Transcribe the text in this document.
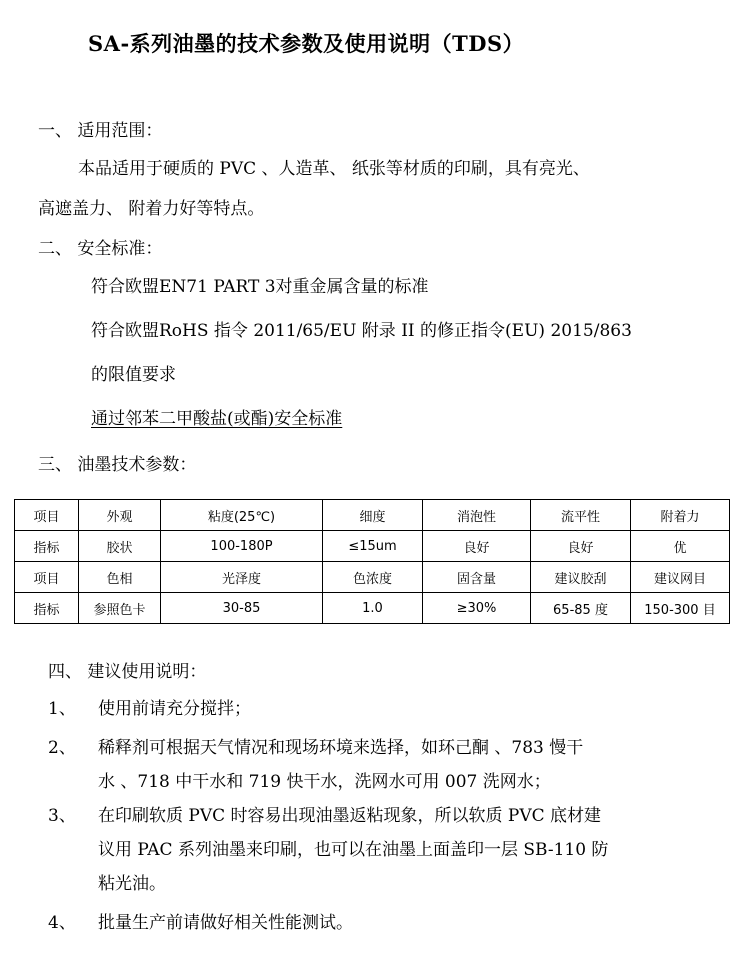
SA-系列油墨的技术参数及使用说明（TDS）
一、 适用范围：
本品适用于硬质的 PVC 、人造革、 纸张等材质的印刷，具有亮光、
高遮盖力、 附着力好等特点。
二、 安全标准：
符合欧盟EN71 PART 3对重金属含量的标准
符合欧盟RoHS 指令 2011/65/EU 附录 II 的修正指令(EU) 2015/863
的限值要求
通过邻苯二甲酸盐(或酯)安全标准
三、 油墨技术参数：
项目	外观	粘度(25℃)	细度	消泡性	流平性	附着力
指标	胶状	100-180P	≤15um	良好	良好	优
项目	色相	光泽度	色浓度	固含量	建议胶刮	建议网目
指标	参照色卡	30-85	1.0	≥30%	65-85 度	150-300 目
四、 建议使用说明：
1、 使用前请充分搅拌；
2、 稀释剂可根据天气情况和现场环境来选择，如环己酮 、783 慢干
水 、718 中干水和 719 快干水，洗网水可用 007 洗网水；
3、 在印刷软质 PVC 时容易出现油墨返粘现象，所以软质 PVC 底材建
议用 PAC 系列油墨来印刷，也可以在油墨上面盖印一层 SB-110 防
粘光油。
4、 批量生产前请做好相关性能测试。
